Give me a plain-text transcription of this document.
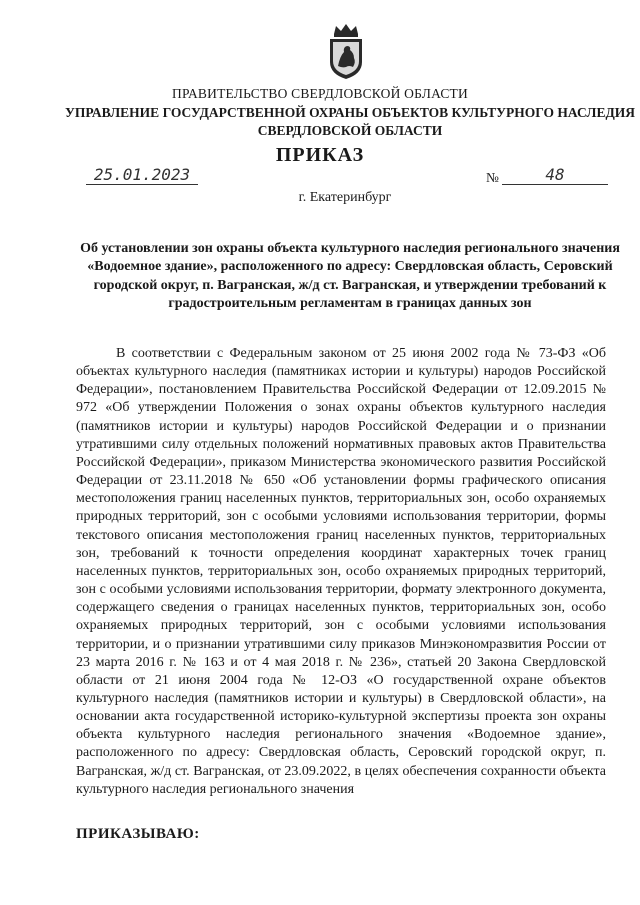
ПРАВИТЕЛЬСТВО СВЕРДЛОВСКОЙ ОБЛАСТИ
УПРАВЛЕНИЕ ГОСУДАРСТВЕННОЙ ОХРАНЫ ОБЪЕКТОВ КУЛЬТУРНОГО НАСЛЕДИЯ СВЕРДЛОВСКОЙ ОБЛАСТИ
ПРИКАЗ
25.01.2023	№	48
г. Екатеринбург
Об установлении зон охраны объекта культурного наследия регионального значения «Водоемное здание», расположенного по адресу: Свердловская область, Серовский городской округ, п. Вагранская, ж/д ст. Вагранская, и утверждении требований к градостроительным регламентам в границах данных зон
В соответствии с Федеральным законом от 25 июня 2002 года № 73-ФЗ «Об объектах культурного наследия (памятниках истории и культуры) народов Российской Федерации», постановлением Правительства Российской Федерации от 12.09.2015 № 972 «Об утверждении Положения о зонах охраны объектов культурного наследия (памятников истории и культуры) народов Российской Федерации и о признании утратившими силу отдельных положений нормативных правовых актов Правительства Российской Федерации», приказом Министерства экономического развития Российской Федерации от 23.11.2018 № 650 «Об установлении формы графического описания местоположения границ населенных пунктов, территориальных зон, особо охраняемых природных территорий, зон с особыми условиями использования территории, формы текстового описания местоположения границ населенных пунктов, территориальных зон, требований к точности определения координат характерных точек границ населенных пунктов, территориальных зон, особо охраняемых природных территорий, зон с особыми условиями использования территории, формату электронного документа, содержащего сведения о границах населенных пунктов, территориальных зон, особо охраняемых природных территорий, зон с особыми условиями использования территории, и о признании утратившими силу приказов Минэкономразвития России от 23 марта 2016 г. № 163 и от 4 мая 2018 г. № 236», статьей 20 Закона Свердловской области от 21 июня 2004 года № 12-ОЗ «О государственной охране объектов культурного наследия (памятников истории и культуры) в Свердловской области», на основании акта государственной историко-культурной экспертизы проекта зон охраны объекта культурного наследия регионального значения «Водоемное здание», расположенного по адресу: Свердловская область, Серовский городской округ, п. Вагранская, ж/д ст. Вагранская, от 23.09.2022, в целях обеспечения сохранности объекта культурного наследия регионального значения
ПРИКАЗЫВАЮ:
